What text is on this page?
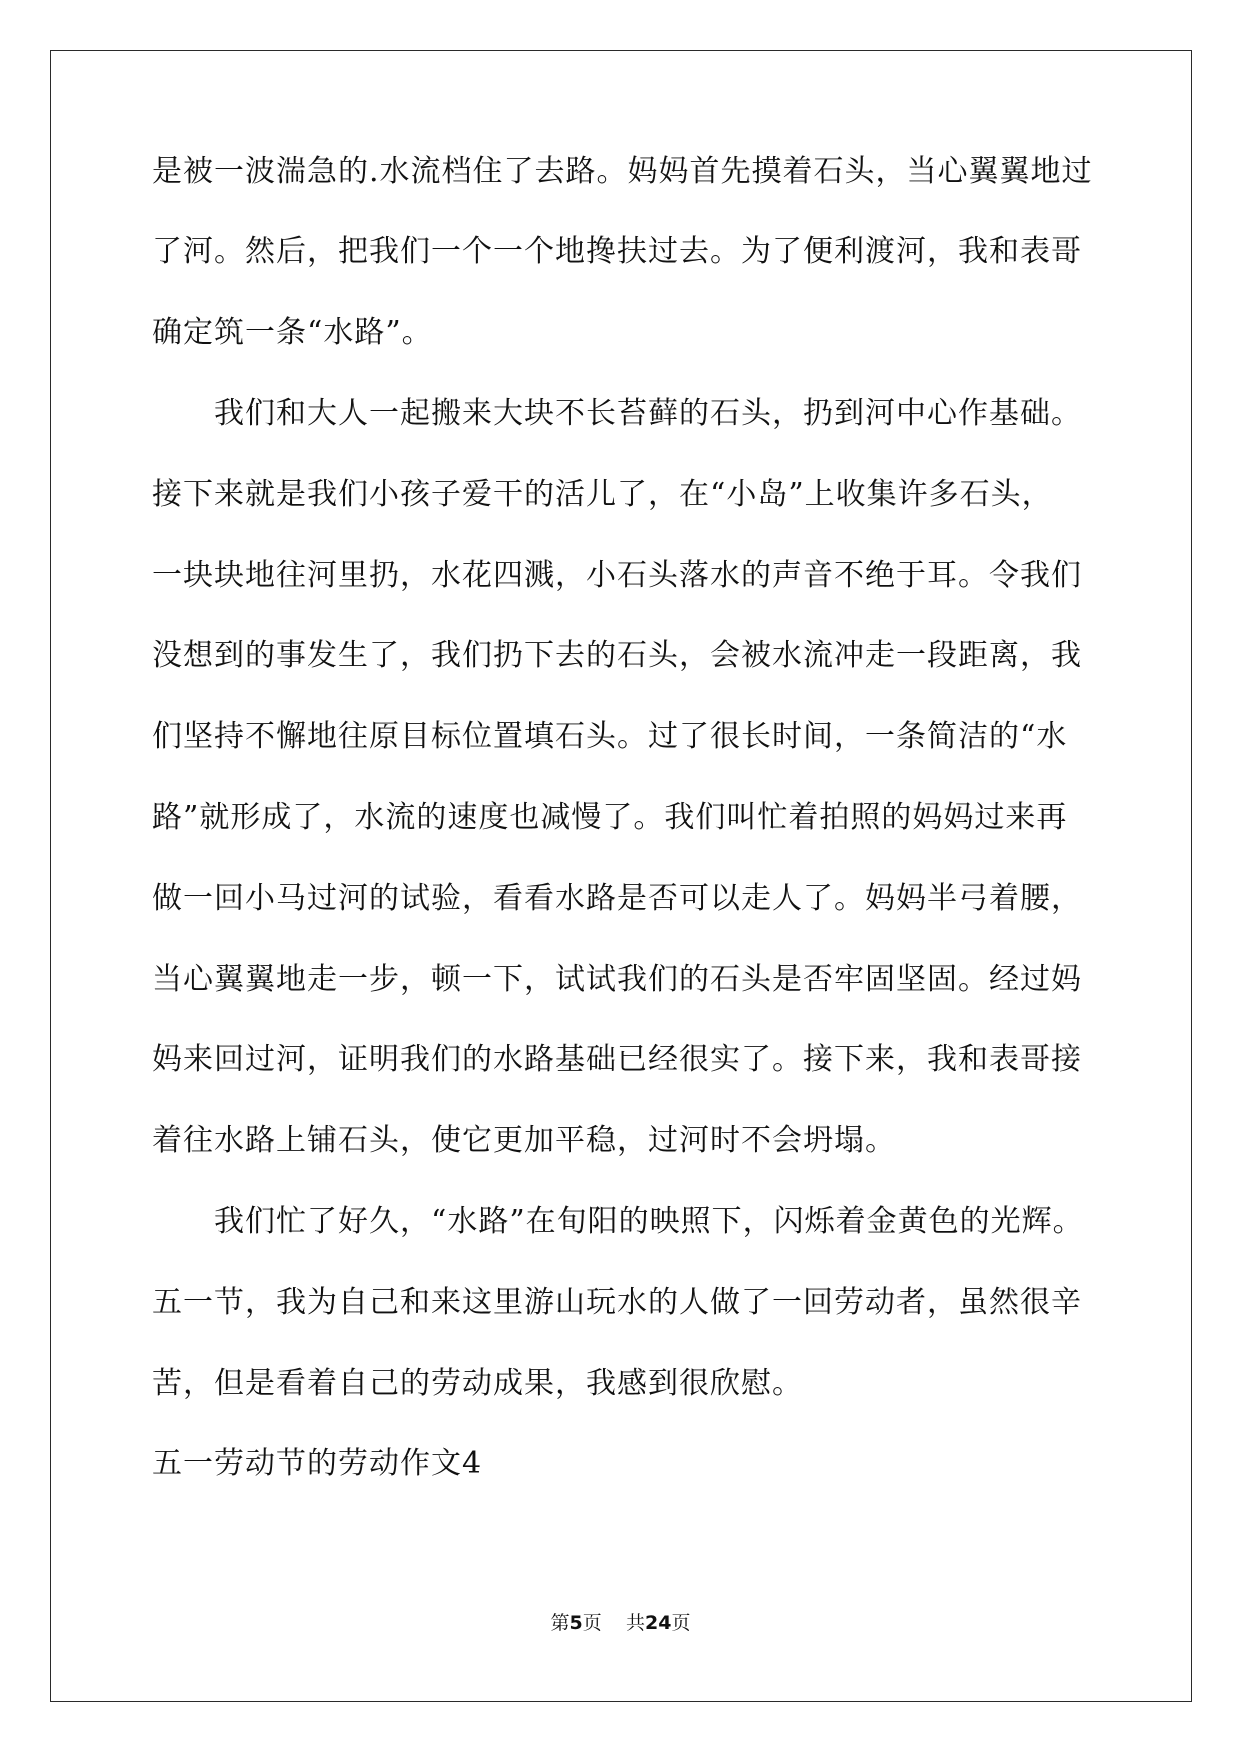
是被一波湍急的.水流档住了去路。妈妈首先摸着石头，当心翼翼地过
了河。然后，把我们一个一个地搀扶过去。为了便利渡河，我和表哥
确定筑一条“水路”。
我们和大人一起搬来大块不长苔藓的石头，扔到河中心作基础。
接下来就是我们小孩子爱干的活儿了，在“小岛”上收集许多石头，
一块块地往河里扔，水花四溅，小石头落水的声音不绝于耳。令我们
没想到的事发生了，我们扔下去的石头，会被水流冲走一段距离，我
们坚持不懈地往原目标位置填石头。过了很长时间，一条简洁的“水
路”就形成了，水流的速度也减慢了。我们叫忙着拍照的妈妈过来再
做一回小马过河的试验，看看水路是否可以走人了。妈妈半弓着腰，
当心翼翼地走一步，顿一下，试试我们的石头是否牢固坚固。经过妈
妈来回过河，证明我们的水路基础已经很实了。接下来，我和表哥接
着往水路上铺石头，使它更加平稳，过河时不会坍塌。
我们忙了好久，“水路”在旬阳的映照下，闪烁着金黄色的光辉。
五一节，我为自己和来这里游山玩水的人做了一回劳动者，虽然很辛
苦，但是看着自己的劳动成果，我感到很欣慰。
五一劳动节的劳动作文4
第5页 共24页
